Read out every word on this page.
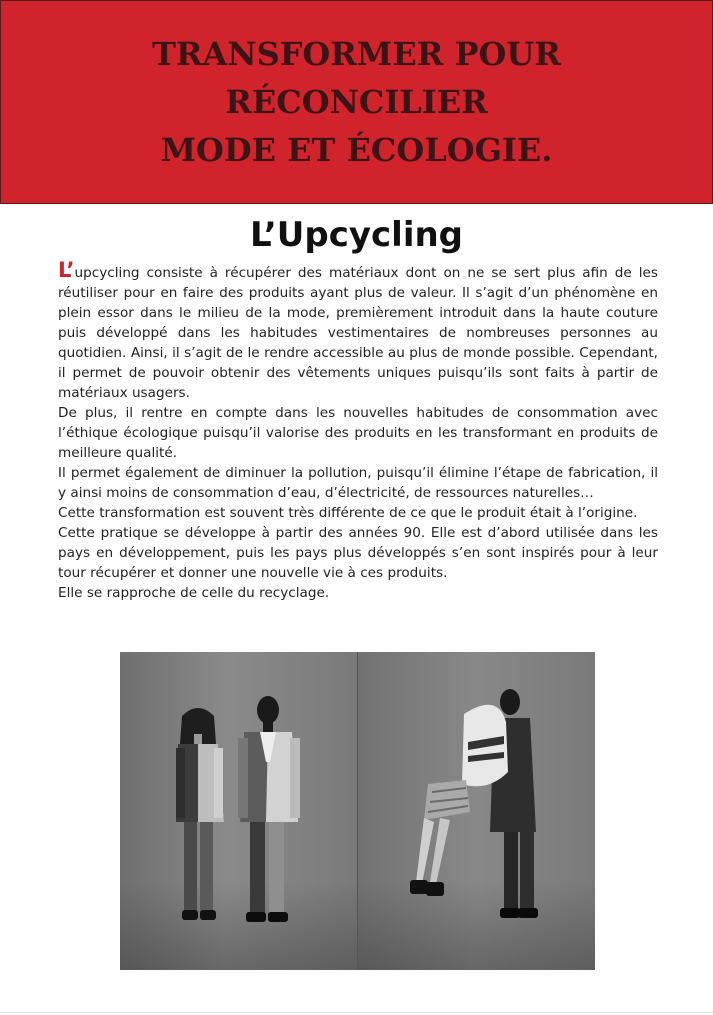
TRANSFORMER POUR
RÉCONCILIER
MODE ET ÉCOLOGIE.
L’Upcycling

L’upcycling consiste à récupérer des matériaux dont on ne se sert plus afin de les réutiliser pour en faire des produits ayant plus de valeur. Il s’agit d’un phénomène en plein essor dans le milieu de la mode, premièrement introduit dans la haute couture puis développé dans les habitudes vestimentaires de nombreuses personnes au quotidien. Ainsi, il s’agit de le rendre accessible au plus de monde possible. Cependant, il permet de pouvoir obtenir des vêtements uniques puisqu’ils sont faits à partir de matériaux usagers.

De plus, il rentre en compte dans les nouvelles habitudes de consommation avec l’éthique écologique puisqu’il valorise des produits en les transformant en produits de meilleure qualité.

Il permet également de diminuer la pollution, puisqu’il élimine l’étape de fabrication, il y ainsi moins de consommation d’eau, d’électricité, de ressources naturelles…

Cette transformation est souvent très différente de ce que le produit était à l’origine.

Cette pratique se développe à partir des années 90. Elle est d’abord utilisée dans les pays en développement, puis les pays plus développés s’en sont inspirés pour à leur tour récupérer et donner une nouvelle vie à ces produits.

Elle se rapproche de celle du recyclage.
